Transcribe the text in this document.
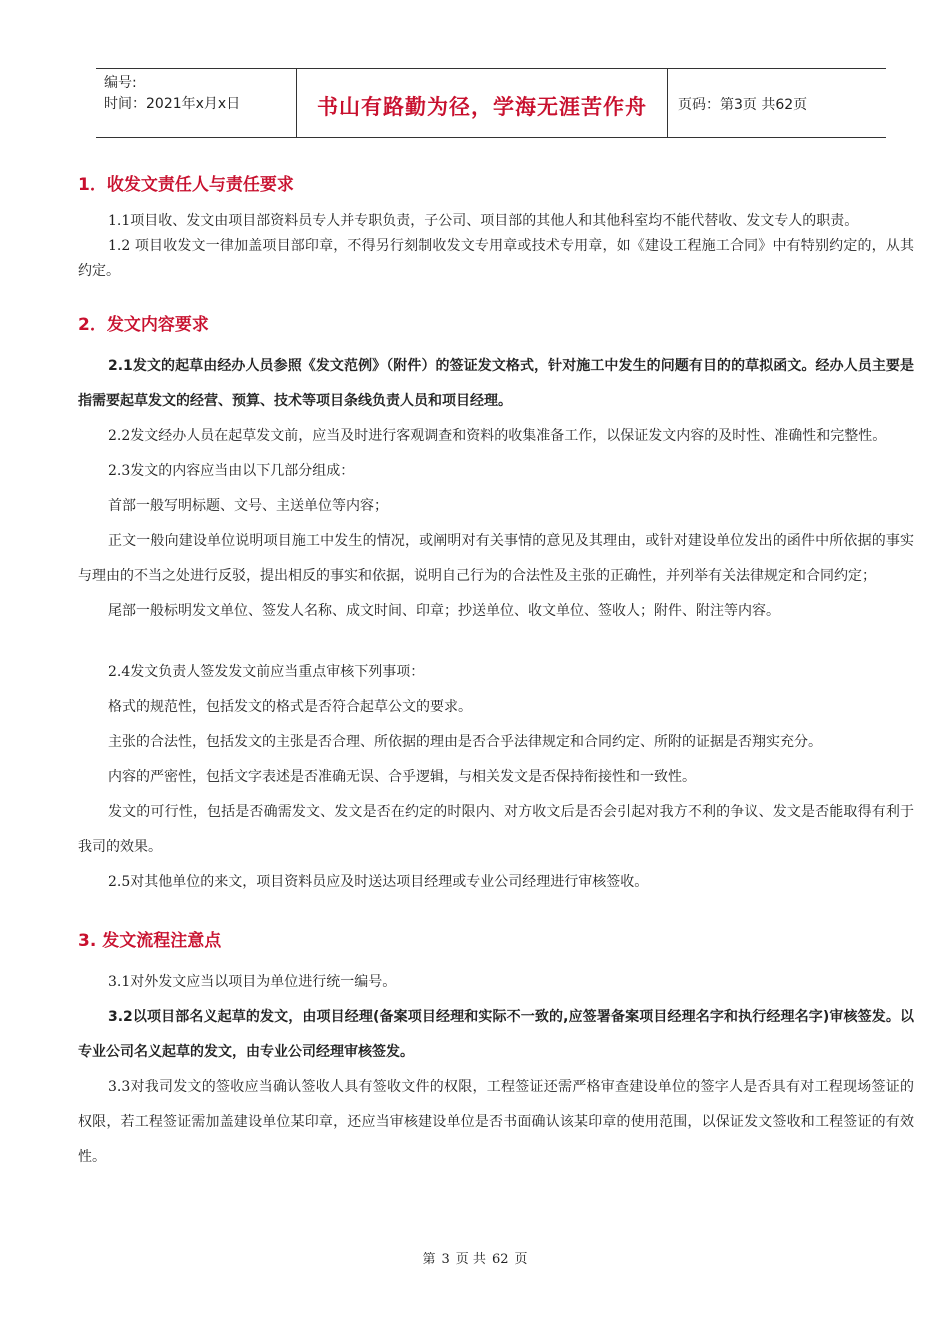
编号:
时间：2021年x月x日	书山有路勤为径，学海无涯苦作舟	页码：第3页 共62页
1．收发文责任人与责任要求

1.1项目收、发文由项目部资料员专人并专职负责，子公司、项目部的其他人和其他科室均不能代替收、发文专人的职责。

1.2 项目收发文一律加盖项目部印章，不得另行刻制收发文专用章或技术专用章，如《建设工程施工合同》中有特别约定的，从其约定。

2．发文内容要求

2.1发文的起草由经办人员参照《发文范例》（附件）的签证发文格式，针对施工中发生的问题有目的的草拟函文。经办人员主要是指需要起草发文的经营、预算、技术等项目条线负责人员和项目经理。

2.2发文经办人员在起草发文前，应当及时进行客观调查和资料的收集准备工作，以保证发文内容的及时性、准确性和完整性。

2.3发文的内容应当由以下几部分组成：

首部一般写明标题、文号、主送单位等内容；

正文一般向建设单位说明项目施工中发生的情况，或阐明对有关事情的意见及其理由，或针对建设单位发出的函件中所依据的事实与理由的不当之处进行反驳，提出相反的事实和依据，说明自己行为的合法性及主张的正确性，并列举有关法律规定和合同约定；

尾部一般标明发文单位、签发人名称、成文时间、印章；抄送单位、收文单位、签收人；附件、附注等内容。

2.4发文负责人签发发文前应当重点审核下列事项：

格式的规范性，包括发文的格式是否符合起草公文的要求。

主张的合法性，包括发文的主张是否合理、所依据的理由是否合乎法律规定和合同约定、所附的证据是否翔实充分。

内容的严密性，包括文字表述是否准确无误、合乎逻辑，与相关发文是否保持衔接性和一致性。

发文的可行性，包括是否确需发文、发文是否在约定的时限内、对方收文后是否会引起对我方不利的争议、发文是否能取得有利于我司的效果。

2.5对其他单位的来文，项目资料员应及时送达项目经理或专业公司经理进行审核签收。

3. 发文流程注意点

3.1对外发文应当以项目为单位进行统一编号。

3.2以项目部名义起草的发文，由项目经理(备案项目经理和实际不一致的,应签署备案项目经理名字和执行经理名字)审核签发。以专业公司名义起草的发文，由专业公司经理审核签发。

3.3对我司发文的签收应当确认签收人具有签收文件的权限，工程签证还需严格审查建设单位的签字人是否具有对工程现场签证的权限，若工程签证需加盖建设单位某印章，还应当审核建设单位是否书面确认该某印章的使用范围，以保证发文签收和工程签证的有效性。

第 3 页 共 62 页
